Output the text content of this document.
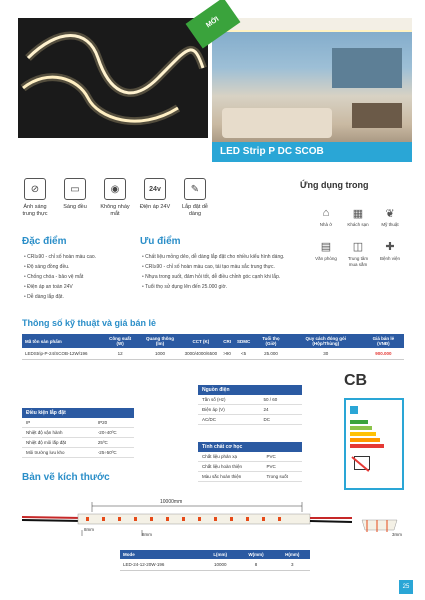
MỚI
LED Strip P DC SCOB
⊘	▭	◉	24v	✎
Ánh sáng trung thực
Sáng đều	Không nháy mắt
Điện áp 24V	Lắp đặt dễ dàng
Ứng dụng trong
⌂	▦	❦
Nhà ở	Khách sạn	Mỹ thuật
▤ ◫	✚
Văn phòng	Trung tâm mua sắm
Bệnh viện
Đặc điểm
• CRI≥90 - chỉ số hoàn màu cao.
• Độ sáng đồng đều.
• Chống chóa - bảo vệ mắt
• Điện áp an toàn 24V
• Dễ dàng lắp đặt.
Ưu điểm
• Chất liệu mỏng dẻo, dễ dàng lắp đặt cho nhiều kiểu hình dáng.
• CRI≥90 - chỉ số hoàn màu cao, tái tạo màu sắc trung thực.
• Nhựa trong suốt, đảm hỏi tốt, dễ điều chỉnh góc cạnh khi lắp.
• Tuổi thọ sử dụng lên đến 25.000 giờ.
Thông số kỹ thuật và giá bán lẻ
Mã tồn sản phẩm	Công suất (W)	Quang thông (lm)	CCT (K)	CRI	SDMC	Tuổi thọ (Giờ)	Quy cách đóng gói (Hộp/Thùng)	Giá bán lẻ (VNĐ)
LEDStrip-P-24/SCOB-12W/196	12	1000	3000/4000/6500	>90	<5	25.000	30	900.000
Nguồn điện
Tần số (Hz)	50 / 60
Điện áp (V)	24
AC/DC	DC
Tính chất cơ học
Chất liệu phản xạ	PVC
Chất liệu hoàn thiện	PVC
Màu sắc hoàn thiện	Trong suốt
Điều kiện lắp đặt
IP	IP20
Nhiệt độ vận hành	-20÷40ºC
Nhiệt độ môi lắp đặt	25ºC
Môi trường lưu kho	-25÷50ºC
CB
Bản vẽ kích thước
10000mm
8mm
8mm	3mm
Mode	L(mm)	W(mm)	H(mm)
LED-24-12-20W-196	10000	8	3
25
